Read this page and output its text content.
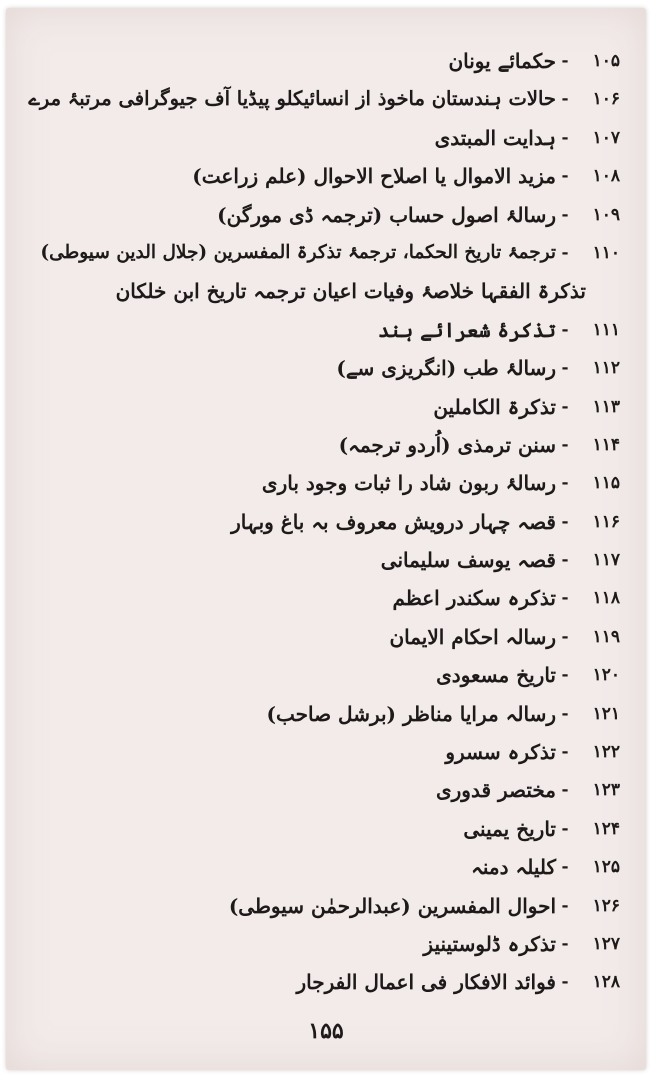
۱۰۵
-
حکمائے یونان
۱۰۶
-
حالات ہندستان ماخوذ از انسائیکلو پیڈیا آف جیوگرافی مرتبۂ مرے
۱۰۷
-
ہدایت المبتدی
۱۰۸
-
مزید الاموال یا اصلاح الاحوال (علم زراعت)
۱۰۹
-
رسالۂ اصول حساب (ترجمہ ڈی مورگن)
۱۱۰
-
ترجمۂ تاریخ الحکما، ترجمۂ تذکرۃ المفسرین (جلال الدین سیوطی)
تذکرۃ الفقہا خلاصۂ وفیات اعیان ترجمہ تاریخ ابن خلکان
۱۱۱
-
تذکرۂ شعرائے ہند
۱۱۲
-
رسالۂ طب (انگریزی سے)
۱۱۳
-
تذکرۃ الکاملین
۱۱۴
-
سنن ترمذی (اُردو ترجمہ)
۱۱۵
-
رسالۂ ربون شاد را ثبات وجود باری
۱۱۶
-
قصہ چہار درویش معروف بہ باغ وبہار
۱۱۷
-
قصہ یوسف سلیمانی
۱۱۸
-
تذکرہ سکندر اعظم
۱۱۹
-
رسالہ احکام الایمان
۱۲۰
-
تاریخ مسعودی
۱۲۱
-
رسالہ مرایا مناظر (برشل صاحب)
۱۲۲
-
تذکرہ سسرو
۱۲۳
-
مختصر قدوری
۱۲۴
-
تاریخ یمینی
۱۲۵
-
کلیلہ دمنہ
۱۲۶
-
احوال المفسرین (عبدالرحمٰن سیوطی)
۱۲۷
-
تذکرہ ڈلوستینیز
۱۲۸
-
فوائد الافکار فی اعمال الفرجار
۱۵۵
